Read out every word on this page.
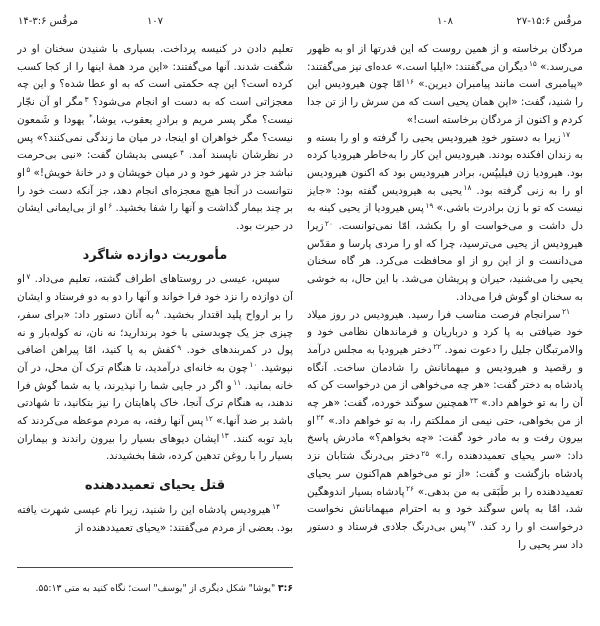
مرقُس ۶‏:‏۳‏-‏۱۴	۱۰۷	۱۰۸	مرقُس ۶‏:‏۱۵‏-‏۲۷

تعلیم دادن در کنیسه پرداخت. بسیاری با شنیدن سخنان او در شگفت شدند. آنها می‌گفتند: «این مرد همهٔ اینها را از کجا کسب کرده است؟ این چه حکمتی است که به او عطا شده؟ و این چه معجزاتی است که به دست او انجام می‌شود؟ $^۳$مگر او آن نجّار نیست؟ مگر پسر مریم و برادرِ یعقوب، یوشا،* یهودا و شَمعون نیست؟ مگر خواهران او اینجا، در میان ما زندگی نمی‌کنند؟» پس در نظرشان ناپسند آمد. $^۴$عیسی بدیشان گفت: «نبی بی‌حرمت نباشد جز در شهر خود و در میان خویشان و در خانهٔ خویش!» $^۵$او نتوانست در آنجا هیچ معجزه‌ای انجام دهد، جز آنکه دست خود را بر چند بیمار گذاشت و آنها را شفا بخشید. $^۶$او از بی‌ایمانی ایشان در حیرت بود.

مأموریت دوازده شاگرد

سپس، عیسی در روستاهای اطراف گشته، تعلیم می‌داد. $^۷$او آن دوازده را نزد خود فرا خواند و آنها را دو به دو فرستاد و ایشان را بر ارواح پلید اقتدار بخشید. $^۸$به آنان دستور داد: «برای سفر، چیزی جز یک چوبدستی با خود برندارید؛ نه نان، نه کوله‌بار و نه پول در کمربندهای خود. $^۹$کفش به پا کنید، امّا پیراهن اضافی نپوشید. $^{۱۰}$چون به خانه‌ای درآمدید، تا هنگام ترک آن محل، در آن خانه بمانید. $^{۱۱}$و اگر در جایی شما را نپذیرند، یا به شما گوش فرا ندهند، به هنگام ترک آنجا، خاک پاهایتان را نیز بتکانید، تا شهادتی باشد بر ضد آنها.» $^{۱۲}$پس آنها رفته، به مردم موعظه می‌کردند که باید توبه کنند. $^{۱۳}$ایشان دیوهای بسیار را بیرون راندند و بیماران بسیار را با روغن تدهین کرده، شفا بخشیدند.

قتل یحیای تعمیددهنده

$^{۱۴}$هیرودیس پادشاه این را شنید، زیرا نام عیسی شهرت یافته بود. بعضی از مردم می‌گفتند: «یحیای تعمیددهنده از

۶‏:‏۳ "یوشا" شکل دیگری از "یوسف" است؛ نگاه کنید به متی ۱۳‏:‏۵۵.

مردگان برخاسته و از همین روست که این قدرتها از او به ظهور می‌رسد.» $^{۱۵}$دیگران می‌گفتند: «ایلیا است.» عده‌ای نیز می‌گفتند: «پیامبری است مانند پیامبران دیرین.» $^{۱۶}$امّا چون هیرودیس این را شنید، گفت: «این همان یحیی است که من سرش را از تن جدا کردم و اکنون از مردگان برخاسته است!»

$^{۱۷}$زیرا به دستور خودِ هیرودیس یحیی را گرفته و او را بسته و به زندان افکنده بودند. هیرودیس این کار را به‌خاطر هیرودیا کرده بود. هیرودیا زن فیلیپُس، برادر هیرودیس بود که اکنون هیرودیس او را به زنی گرفته بود. $^{۱۸}$یحیی به هیرودیس گفته بود: «جایز نیست که تو با زن برادرت باشی.» $^{۱۹}$پس هیرودیا از یحیی کینه به دل داشت و می‌خواست او را بکشد، امّا نمی‌توانست. $^{۲۰}$زیرا هیرودیس از یحیی می‌ترسید، چرا که او را مردی پارسا و مقدّس می‌دانست و از این رو از او محافظت می‌کرد. هر گاه سخنان یحیی را می‌شنید، حیران و پریشان می‌شد. با این حال، به خوشی به سخنان او گوش فرا می‌داد.

$^{۲۱}$سرانجام فرصت مناسب فرا رسید. هیرودیس در روز میلاد خود ضیافتی به پا کرد و درباریان و فرماندهان نظامی خود و والامرتبگان جلیل را دعوت نمود. $^{۲۲}$دختر هیرودیا به مجلس درآمد و رقصید و هیرودیس و میهمانانش را شادمان ساخت. آنگاه پادشاه به دختر گفت: «هر چه می‌خواهی از من درخواست کن که آن را به تو خواهم داد.» $^{۲۳}$همچنین سوگند خورده، گفت: «هر چه از من بخواهی، حتی نیمی از مملکتم را، به تو خواهم داد.» $^{۲۴}$او بیرون رفت و به مادر خود گفت: «چه بخواهم؟» مادرش پاسخ داد: «سر یحیای تعمیددهنده را.» $^{۲۵}$دختر بی‌درنگ شتابان نزد پادشاه بازگشت و گفت: «از تو می‌خواهم هم‌اکنون سر یحیای تعمیددهنده را بر طَبَقی به من بدهی.» $^{۲۶}$پادشاه بسیار اندوهگین شد، امّا به پاس سوگند خود و به احترام میهمانانش نخواست درخواست او را رد کند. $^{۲۷}$پس بی‌درنگ جلادی فرستاد و دستور داد سر یحیی را
